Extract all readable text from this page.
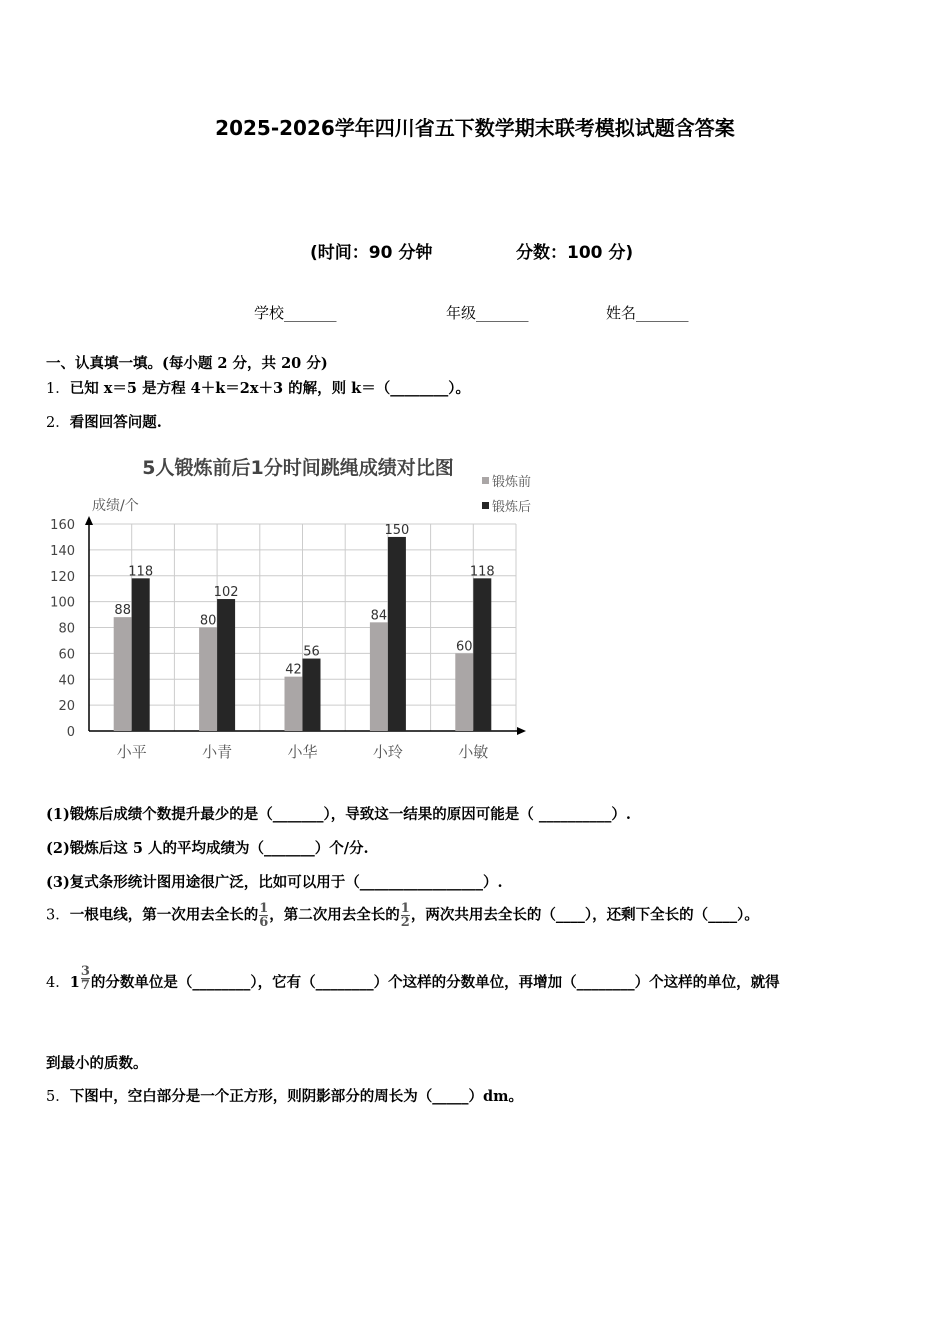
2025-2026学年四川省五下数学期末联考模拟试题含答案
(时间：90 分钟	分数：100 分)
学校_______	年级_______	姓名_______
一、认真填一填。(每小题 2 分，共 20 分)
1．已知 x＝5 是方程 4＋k＝2x＋3 的解，则 k＝（________）。
2．看图回答问题.
5人锻炼前后1分时间跳绳成绩对比图
成绩/个
0
20
40
60
80
100
120
140
160
88
118
小平
80
102
小青
42
56
小华
84
150
小玲
60
118
小敏
锻炼前
锻炼后
(1)锻炼后成绩个数提升最少的是（_______），导致这一结果的原因可能是（ __________）.
(2)锻炼后这 5 人的平均成绩为（_______）个/分.
(3)复式条形统计图用途很广泛，比如可以用于（_________________）.
3．一根电线，第一次用去全长的 $\frac{1}{6}$ ，第二次用去全长的 $\frac{1}{2}$ ，两次共用去全长的（____），还剩下全长的（____）。
4．$1 \frac{3}{7}$ 的分数单位是（________），它有（________）个这样的分数单位，再增加（________）个这样的单位，就得
到最小的质数。
5．下图中，空白部分是一个正方形，则阴影部分的周长为（_____）dm。
